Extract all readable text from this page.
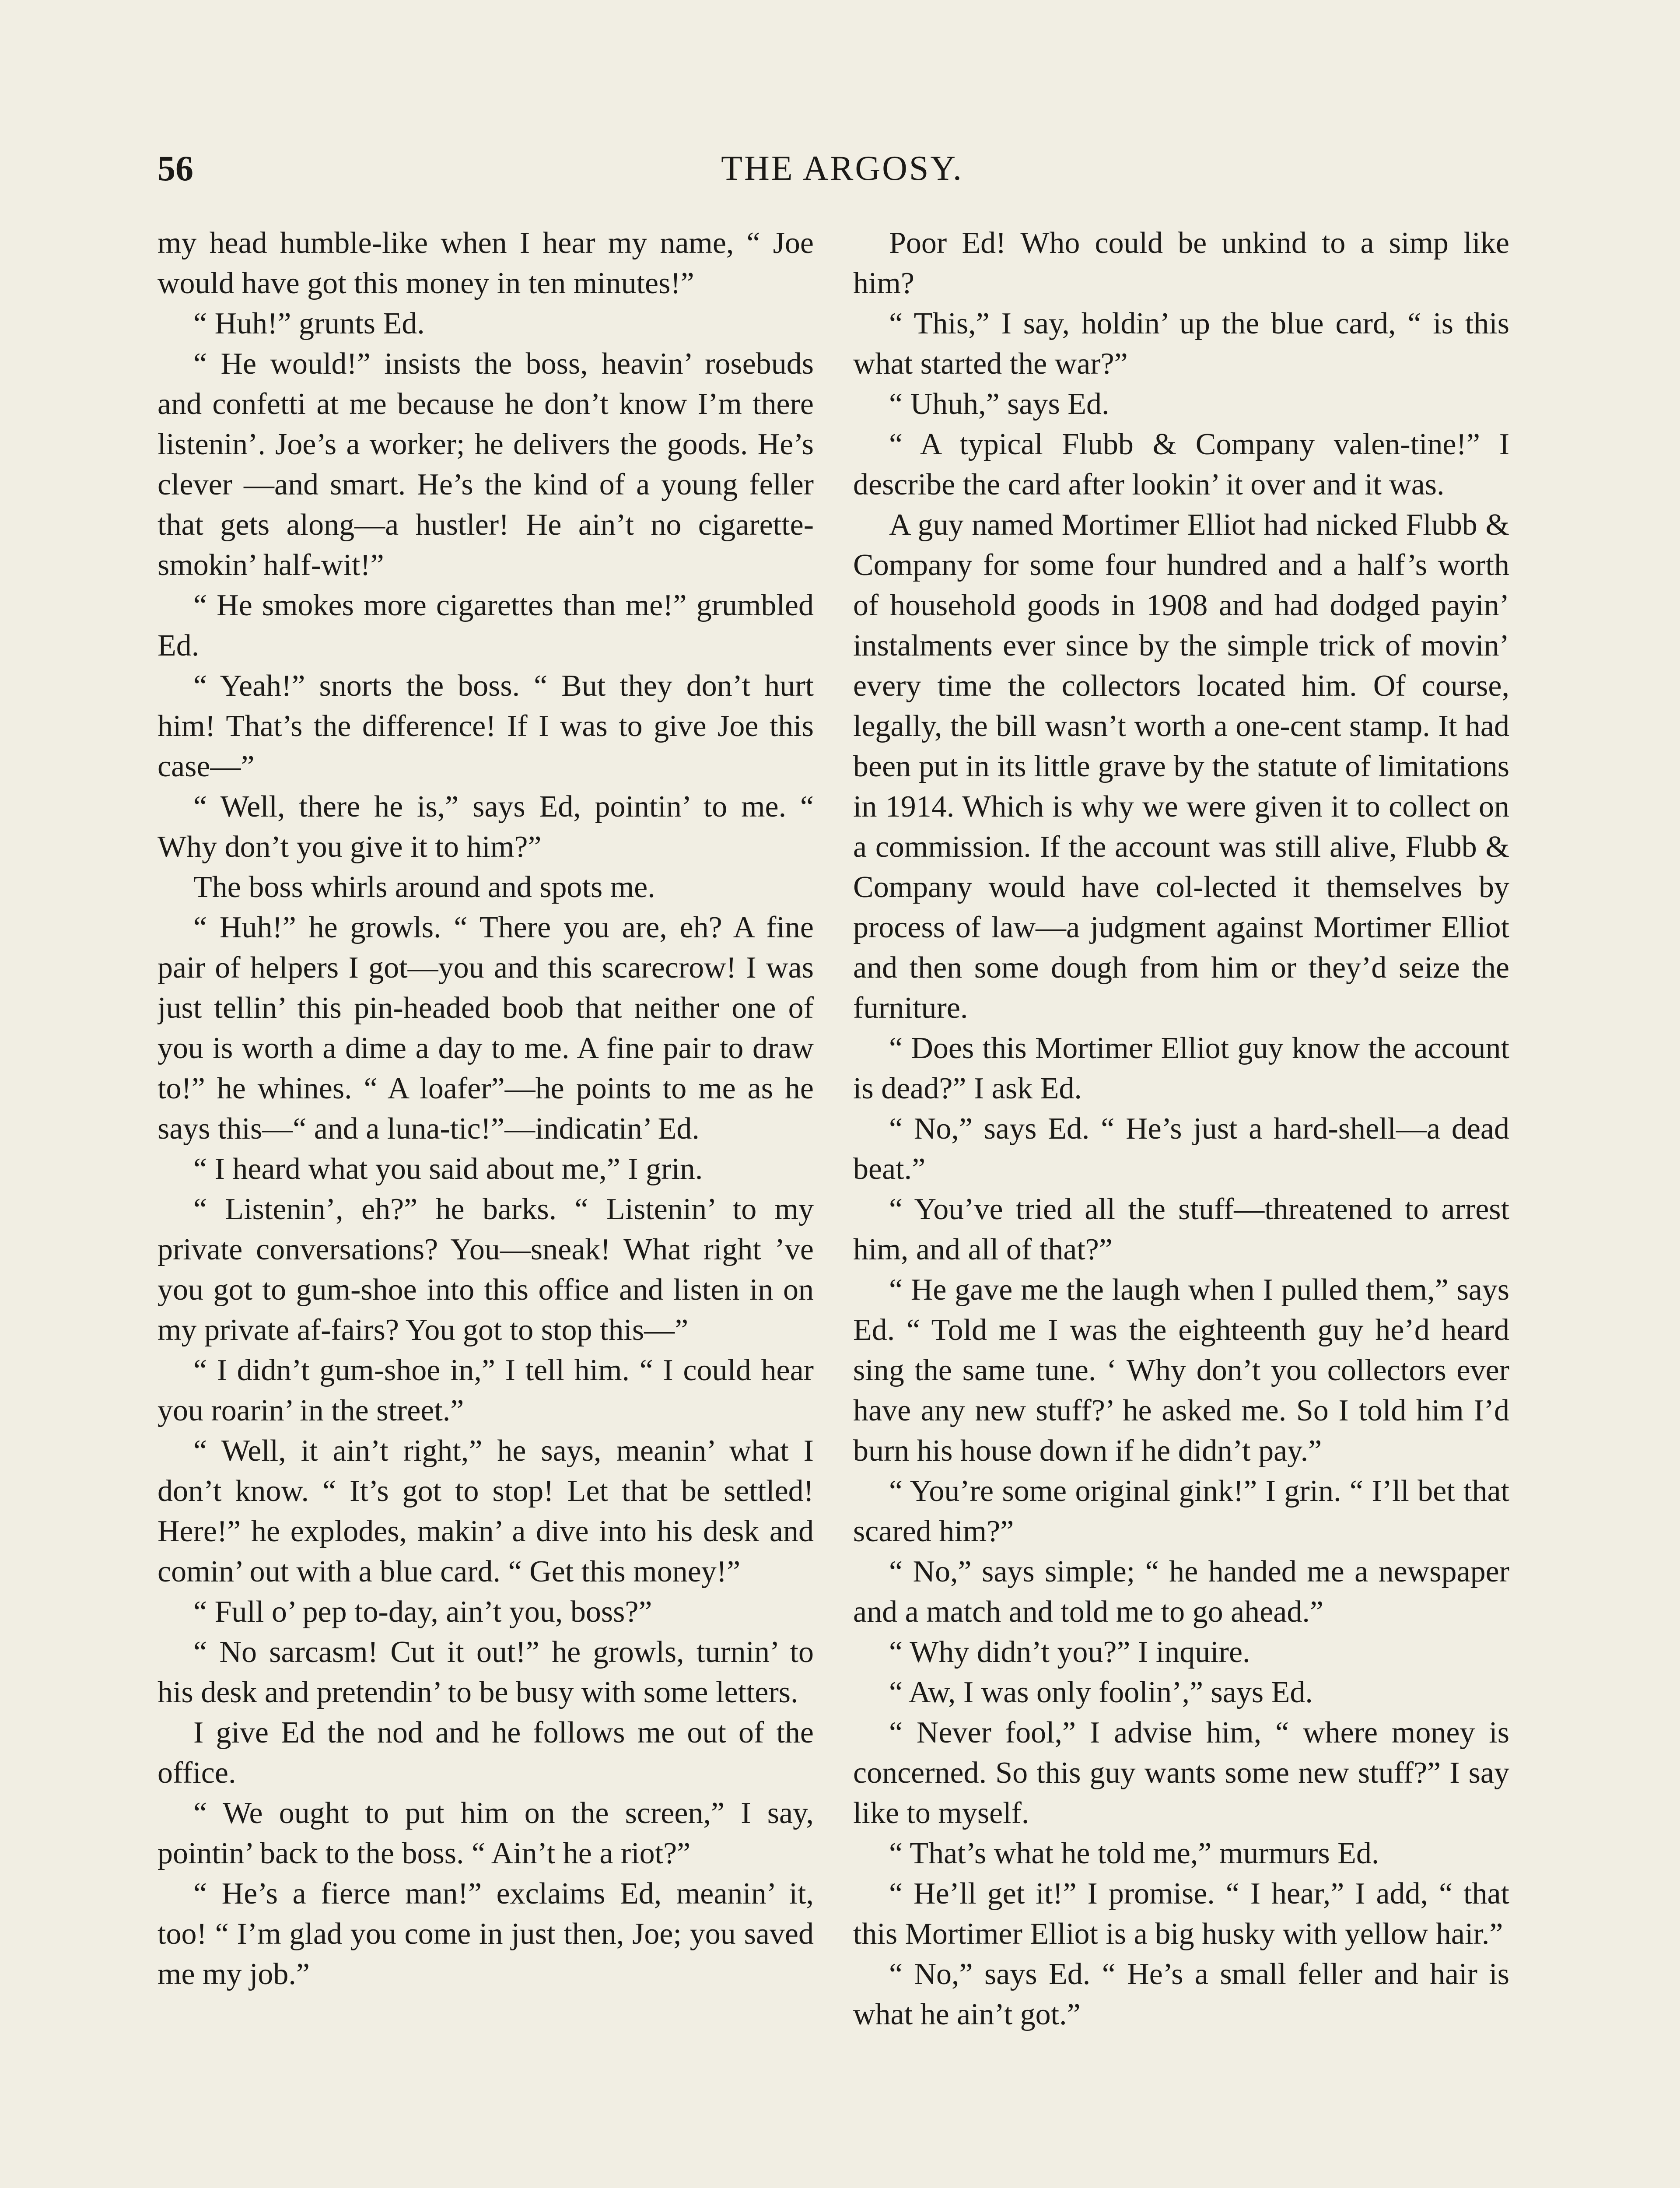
56	THE ARGOSY.

my head humble-like when I hear my name, “ Joe would have got this money in ten minutes!”

“ Huh!” grunts Ed.

“ He would!” insists the boss, heavin’ rosebuds and confetti at me because he don’t know I’m there listenin’. Joe’s a worker; he delivers the goods. He’s clever —and smart. He’s the kind of a young feller that gets along—a hustler! He ain’t no cigarette-smokin’ half-wit!”

“ He smokes more cigarettes than me!” grumbled Ed.

“ Yeah!” snorts the boss. “ But they don’t hurt him! That’s the difference! If I was to give Joe this case—”

“ Well, there he is,” says Ed, pointin’ to me. “ Why don’t you give it to him?”

The boss whirls around and spots me.

“ Huh!” he growls. “ There you are, eh? A fine pair of helpers I got—you and this scarecrow! I was just tellin’ this pin-headed boob that neither one of you is worth a dime a day to me. A fine pair to draw to!” he whines. “ A loafer”—he points to me as he says this—“ and a luna-tic!”—indicatin’ Ed.

“ I heard what you said about me,” I grin.

“ Listenin’, eh?” he barks. “ Listenin’ to my private conversations? You—sneak! What right ’ve you got to gum-shoe into this office and listen in on my private af-fairs? You got to stop this—”

“ I didn’t gum-shoe in,” I tell him. “ I could hear you roarin’ in the street.”

“ Well, it ain’t right,” he says, meanin’ what I don’t know. “ It’s got to stop! Let that be settled! Here!” he explodes, makin’ a dive into his desk and comin’ out with a blue card. “ Get this money!”

“ Full o’ pep to-day, ain’t you, boss?”

“ No sarcasm! Cut it out!” he growls, turnin’ to his desk and pretendin’ to be busy with some letters.

I give Ed the nod and he follows me out of the office.

“ We ought to put him on the screen,” I say, pointin’ back to the boss. “ Ain’t he a riot?”

“ He’s a fierce man!” exclaims Ed, meanin’ it, too! “ I’m glad you come in just then, Joe; you saved me my job.”

Poor Ed! Who could be unkind to a simp like him?

“ This,” I say, holdin’ up the blue card, “ is this what started the war?”

“ Uhuh,” says Ed.

“ A typical Flubb & Company valen-tine!” I describe the card after lookin’ it over and it was.

A guy named Mortimer Elliot had nicked Flubb & Company for some four hundred and a half’s worth of household goods in 1908 and had dodged payin’ instalments ever since by the simple trick of movin’ every time the collectors located him. Of course, legally, the bill wasn’t worth a one-cent stamp. It had been put in its little grave by the statute of limitations in 1914. Which is why we were given it to collect on a commission. If the account was still alive, Flubb & Company would have col-lected it themselves by process of law—a judgment against Mortimer Elliot and then some dough from him or they’d seize the furniture.

“ Does this Mortimer Elliot guy know the account is dead?” I ask Ed.

“ No,” says Ed. “ He’s just a hard-shell—a dead beat.”

“ You’ve tried all the stuff—threatened to arrest him, and all of that?”

“ He gave me the laugh when I pulled them,” says Ed. “ Told me I was the eighteenth guy he’d heard sing the same tune. ‘ Why don’t you collectors ever have any new stuff?’ he asked me. So I told him I’d burn his house down if he didn’t pay.”

“ You’re some original gink!” I grin. “ I’ll bet that scared him?”

“ No,” says simple; “ he handed me a newspaper and a match and told me to go ahead.”

“ Why didn’t you?” I inquire.

“ Aw, I was only foolin’,” says Ed.

“ Never fool,” I advise him, “ where money is concerned. So this guy wants some new stuff?” I say like to myself.

“ That’s what he told me,” murmurs Ed.

“ He’ll get it!” I promise. “ I hear,” I add, “ that this Mortimer Elliot is a big husky with yellow hair.”

“ No,” says Ed. “ He’s a small feller and hair is what he ain’t got.”
